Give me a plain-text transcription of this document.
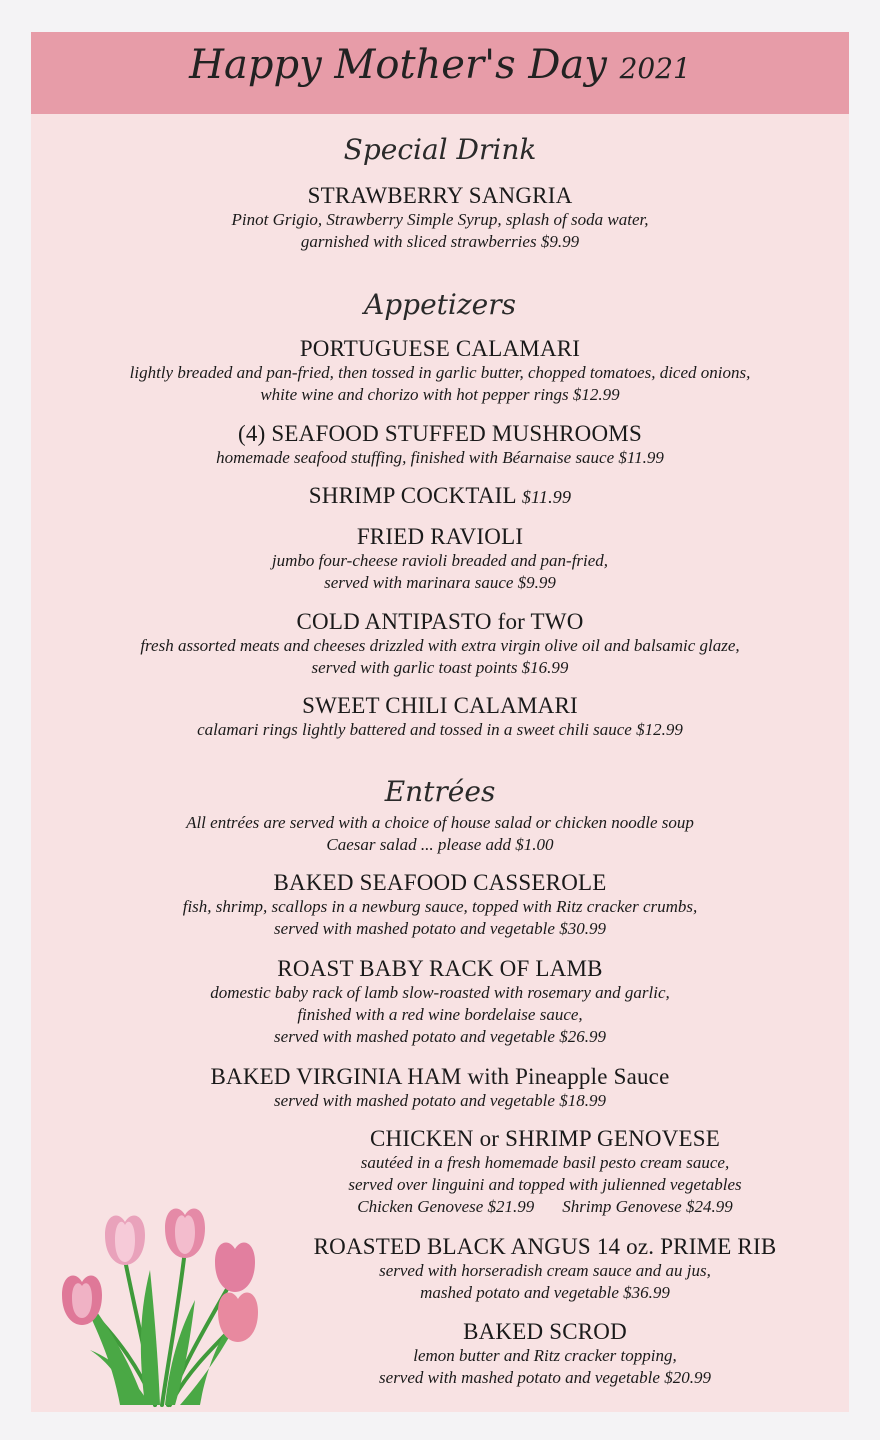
Happy Mother's Day 2021
Special Drink
STRAWBERRY SANGRIA
Pinot Grigio, Strawberry Simple Syrup, splash of soda water,
garnished with sliced strawberries $9.99
Appetizers
PORTUGUESE CALAMARI
lightly breaded and pan-fried, then tossed in garlic butter, chopped tomatoes, diced onions,
white wine and chorizo with hot pepper rings $12.99
(4) SEAFOOD STUFFED MUSHROOMS
homemade seafood stuffing, finished with Béarnaise sauce $11.99
SHRIMP COCKTAIL $11.99
FRIED RAVIOLI
jumbo four-cheese ravioli breaded and pan-fried,
served with marinara sauce $9.99
COLD ANTIPASTO for TWO
fresh assorted meats and cheeses drizzled with extra virgin olive oil and balsamic glaze,
served with garlic toast points $16.99
SWEET CHILI CALAMARI
calamari rings lightly battered and tossed in a sweet chili sauce $12.99
Entrées
All entrées are served with a choice of house salad or chicken noodle soup
Caesar salad ... please add $1.00
BAKED SEAFOOD CASSEROLE
fish, shrimp, scallops in a newburg sauce, topped with Ritz cracker crumbs,
served with mashed potato and vegetable $30.99
ROAST BABY RACK OF LAMB
domestic baby rack of lamb slow-roasted with rosemary and garlic,
finished with a red wine bordelaise sauce,
served with mashed potato and vegetable $26.99
BAKED VIRGINIA HAM with Pineapple Sauce
served with mashed potato and vegetable $18.99
CHICKEN or SHRIMP GENOVESE
sautéed in a fresh homemade basil pesto cream sauce,
served over linguini and topped with julienned vegetables
Chicken Genovese $21.99 Shrimp Genovese $24.99
ROASTED BLACK ANGUS 14 oz. PRIME RIB
served with horseradish cream sauce and au jus,
mashed potato and vegetable $36.99
BAKED SCROD
lemon butter and Ritz cracker topping,
served with mashed potato and vegetable $20.99
